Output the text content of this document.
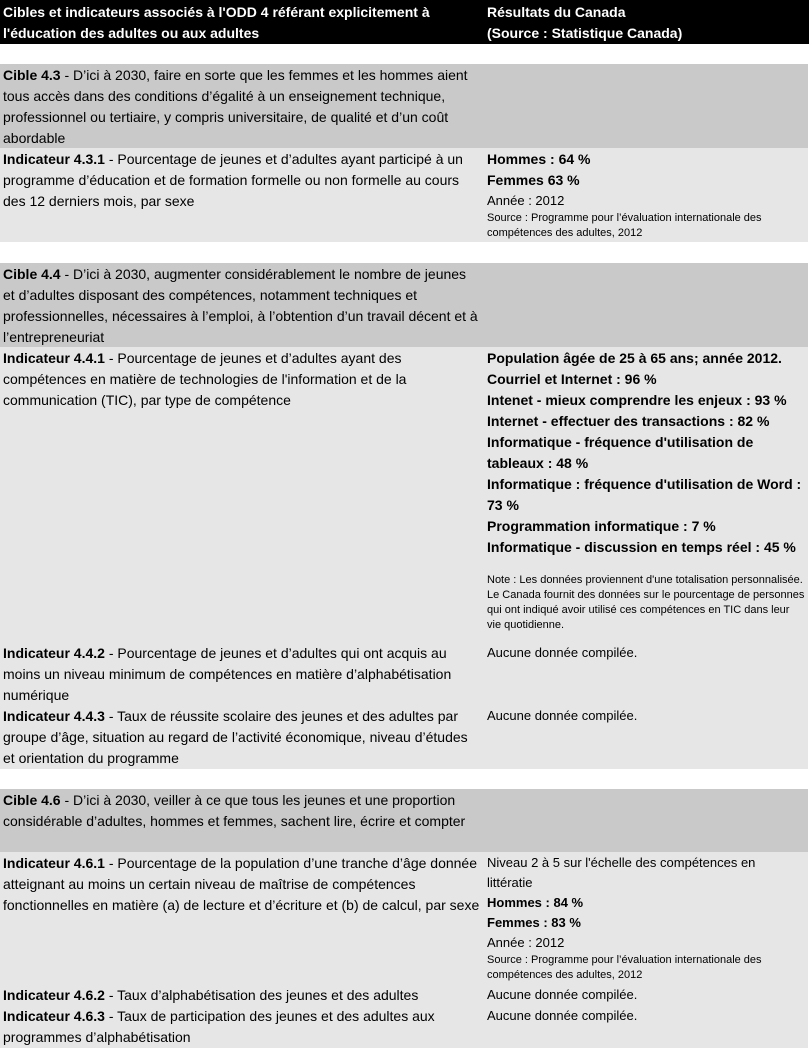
Cibles et indicateurs associés à l'ODD 4 référant explicitement à l'éducation des adultes ou aux adultes
Résultats du Canada
(Source : Statistique Canada)
Cible 4.3 - D’ici à 2030, faire en sorte que les femmes et les hommes aient tous accès dans des conditions d’égalité à un enseignement technique, professionnel ou tertiaire, y compris universitaire, de qualité et d’un coût abordable
Indicateur 4.3.1 - Pourcentage de jeunes et d’adultes ayant participé à un programme d’éducation et de formation formelle ou non formelle au cours des 12 derniers mois, par sexe
Hommes : 64 %
Femmes 63 %
Année : 2012
Source : Programme pour l’évaluation internationale des compétences des adultes, 2012
Cible 4.4 - D’ici à 2030, augmenter considérablement le nombre de jeunes et d’adultes disposant des compétences, notamment techniques et professionnelles, nécessaires à l’emploi, à l’obtention d’un travail décent et à l’entrepreneuriat
Indicateur 4.4.1 - Pourcentage de jeunes et d’adultes ayant des compétences en matière de technologies de l'information et de la communication (TIC), par type de compétence
Population âgée de 25 à 65 ans; année 2012.
Courriel et Internet : 96 %
Intenet - mieux comprendre les enjeux : 93 %
Internet - effectuer des transactions : 82 %
Informatique - fréquence d'utilisation de tableaux : 48 %
Informatique : fréquence d'utilisation de Word : 73 %
Programmation informatique : 7 %
Informatique - discussion en temps réel : 45 %
Note : Les données proviennent d'une totalisation personnalisée. Le Canada fournit des données sur le pourcentage de personnes qui ont indiqué avoir utilisé ces compétences en TIC dans leur vie quotidienne.
Indicateur 4.4.2 - Pourcentage de jeunes et d’adultes qui ont acquis au moins un niveau minimum de compétences en matière d’alphabétisation numérique
Aucune donnée compilée.
Indicateur 4.4.3 - Taux de réussite scolaire des jeunes et des adultes par groupe d’âge, situation au regard de l’activité économique, niveau d’études et orientation du programme
Aucune donnée compilée.
Cible 4.6 - D’ici à 2030, veiller à ce que tous les jeunes et une proportion considérable d’adultes, hommes et femmes, sachent lire, écrire et compter
Indicateur 4.6.1 - Pourcentage de la population d’une tranche d’âge donnée atteignant au moins un certain niveau de maîtrise de compétences fonctionnelles en matière (a) de lecture et d’écriture et (b) de calcul, par sexe
Niveau 2 à 5 sur l'échelle des compétences en littératie
Hommes : 84 %
Femmes : 83 %
Année : 2012
Source : Programme pour l’évaluation internationale des compétences des adultes, 2012
Indicateur 4.6.2 - Taux d’alphabétisation des jeunes et des adultes	Aucune donnée compilée.
Indicateur 4.6.3 - Taux de participation des jeunes et des adultes aux programmes d’alphabétisation
Aucune donnée compilée.
